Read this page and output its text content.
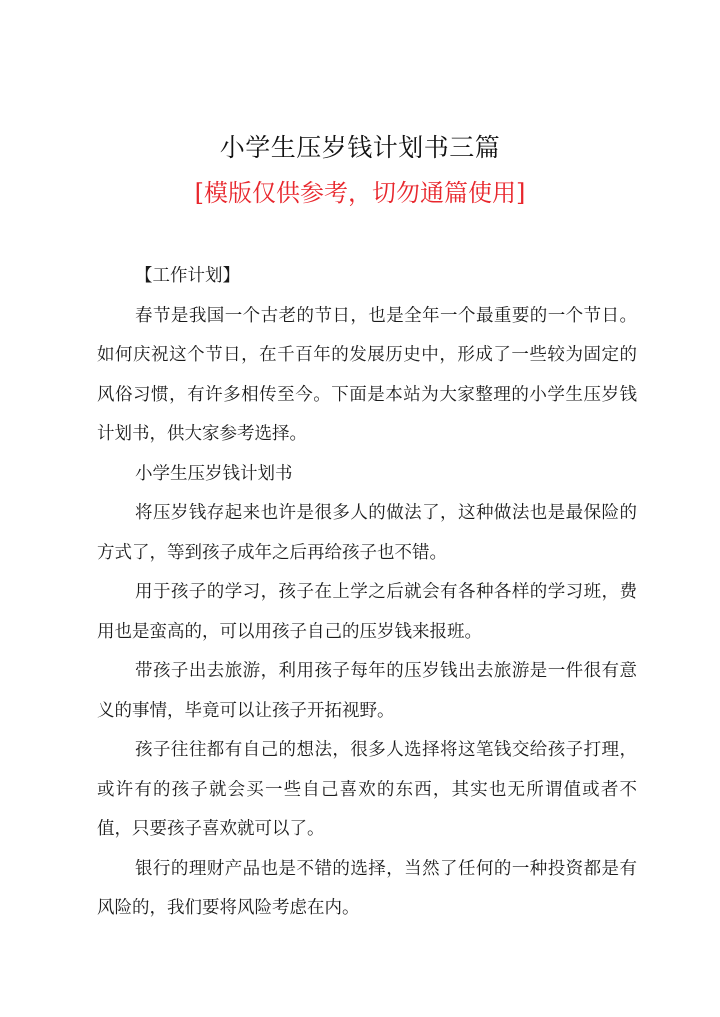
小学生压岁钱计划书三篇
[模版仅供参考，切勿通篇使用]

【工作计划】

春节是我国一个古老的节日，也是全年一个最重要的一个节日。如何庆祝这个节日，在千百年的发展历史中，形成了一些较为固定的风俗习惯，有许多相传至今。下面是本站为大家整理的小学生压岁钱计划书，供大家参考选择。

小学生压岁钱计划书

将压岁钱存起来也许是很多人的做法了，这种做法也是最保险的方式了，等到孩子成年之后再给孩子也不错。

用于孩子的学习，孩子在上学之后就会有各种各样的学习班，费用也是蛮高的，可以用孩子自己的压岁钱来报班。

带孩子出去旅游，利用孩子每年的压岁钱出去旅游是一件很有意义的事情，毕竟可以让孩子开拓视野。

孩子往往都有自己的想法，很多人选择将这笔钱交给孩子打理，或许有的孩子就会买一些自己喜欢的东西，其实也无所谓值或者不值，只要孩子喜欢就可以了。

银行的理财产品也是不错的选择，当然了任何的一种投资都是有风险的，我们要将风险考虑在内。
